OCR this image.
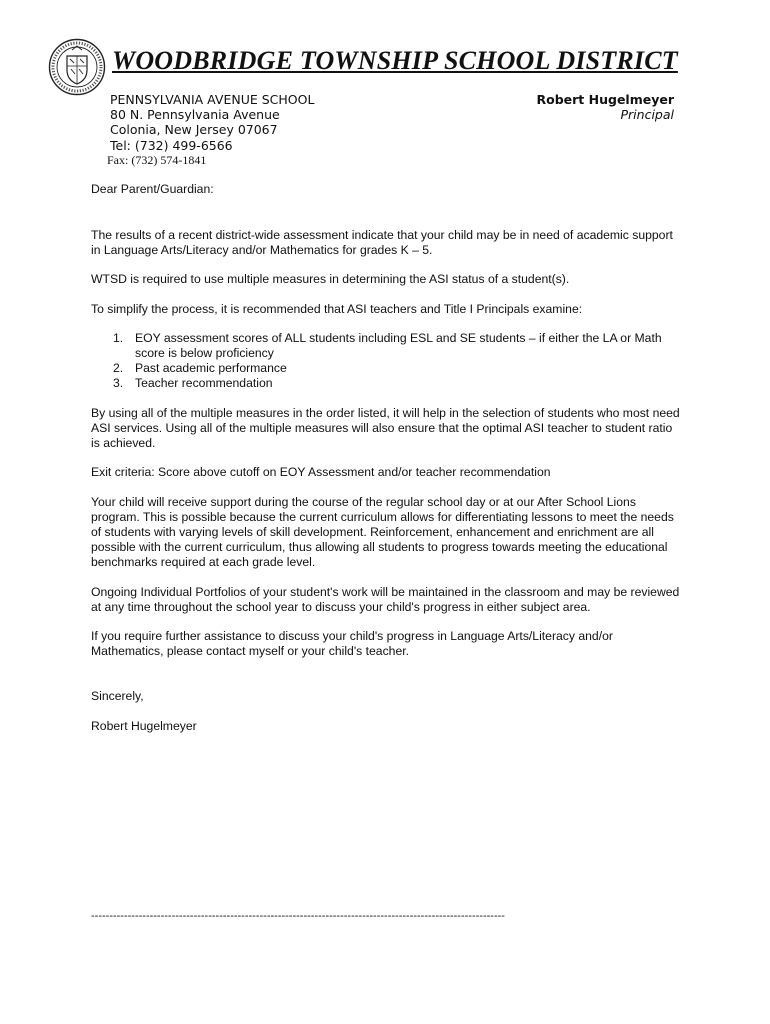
WOODBRIDGE TOWNSHIP SCHOOL DISTRICT
PENNSYLVANIA AVENUE SCHOOL
80 N. Pennsylvania Avenue
Colonia, New Jersey 07067
Tel: (732) 499-6566
Fax: (732) 574-1841
Robert Hugelmeyer
Principal

Dear Parent/Guardian:

The results of a recent district-wide assessment indicate that your child may be in need of academic support in Language Arts/Literacy and/or Mathematics for grades K – 5.

WTSD is required to use multiple measures in determining the ASI status of a student(s).

To simplify the process, it is recommended that ASI teachers and Title I Principals examine:

1. EOY assessment scores of ALL students including ESL and SE students – if either the LA or Math score is below proficiency
2. Past academic performance
3. Teacher recommendation

By using all of the multiple measures in the order listed, it will help in the selection of students who most need ASI services. Using all of the multiple measures will also ensure that the optimal ASI teacher to student ratio is achieved.

Exit criteria: Score above cutoff on EOY Assessment and/or teacher recommendation

Your child will receive support during the course of the regular school day or at our After School Lions program. This is possible because the current curriculum allows for differentiating lessons to meet the needs of students with varying levels of skill development. Reinforcement, enhancement and enrichment are all possible with the current curriculum, thus allowing all students to progress towards meeting the educational benchmarks required at each grade level.

Ongoing Individual Portfolios of your student's work will be maintained in the classroom and may be reviewed at any time throughout the school year to discuss your child's progress in either subject area.

If you require further assistance to discuss your child's progress in Language Arts/Literacy and/or Mathematics, please contact myself or your child's teacher.

Sincerely,

Robert Hugelmeyer

-----------------------------------------------------------------------------------------------------------------
